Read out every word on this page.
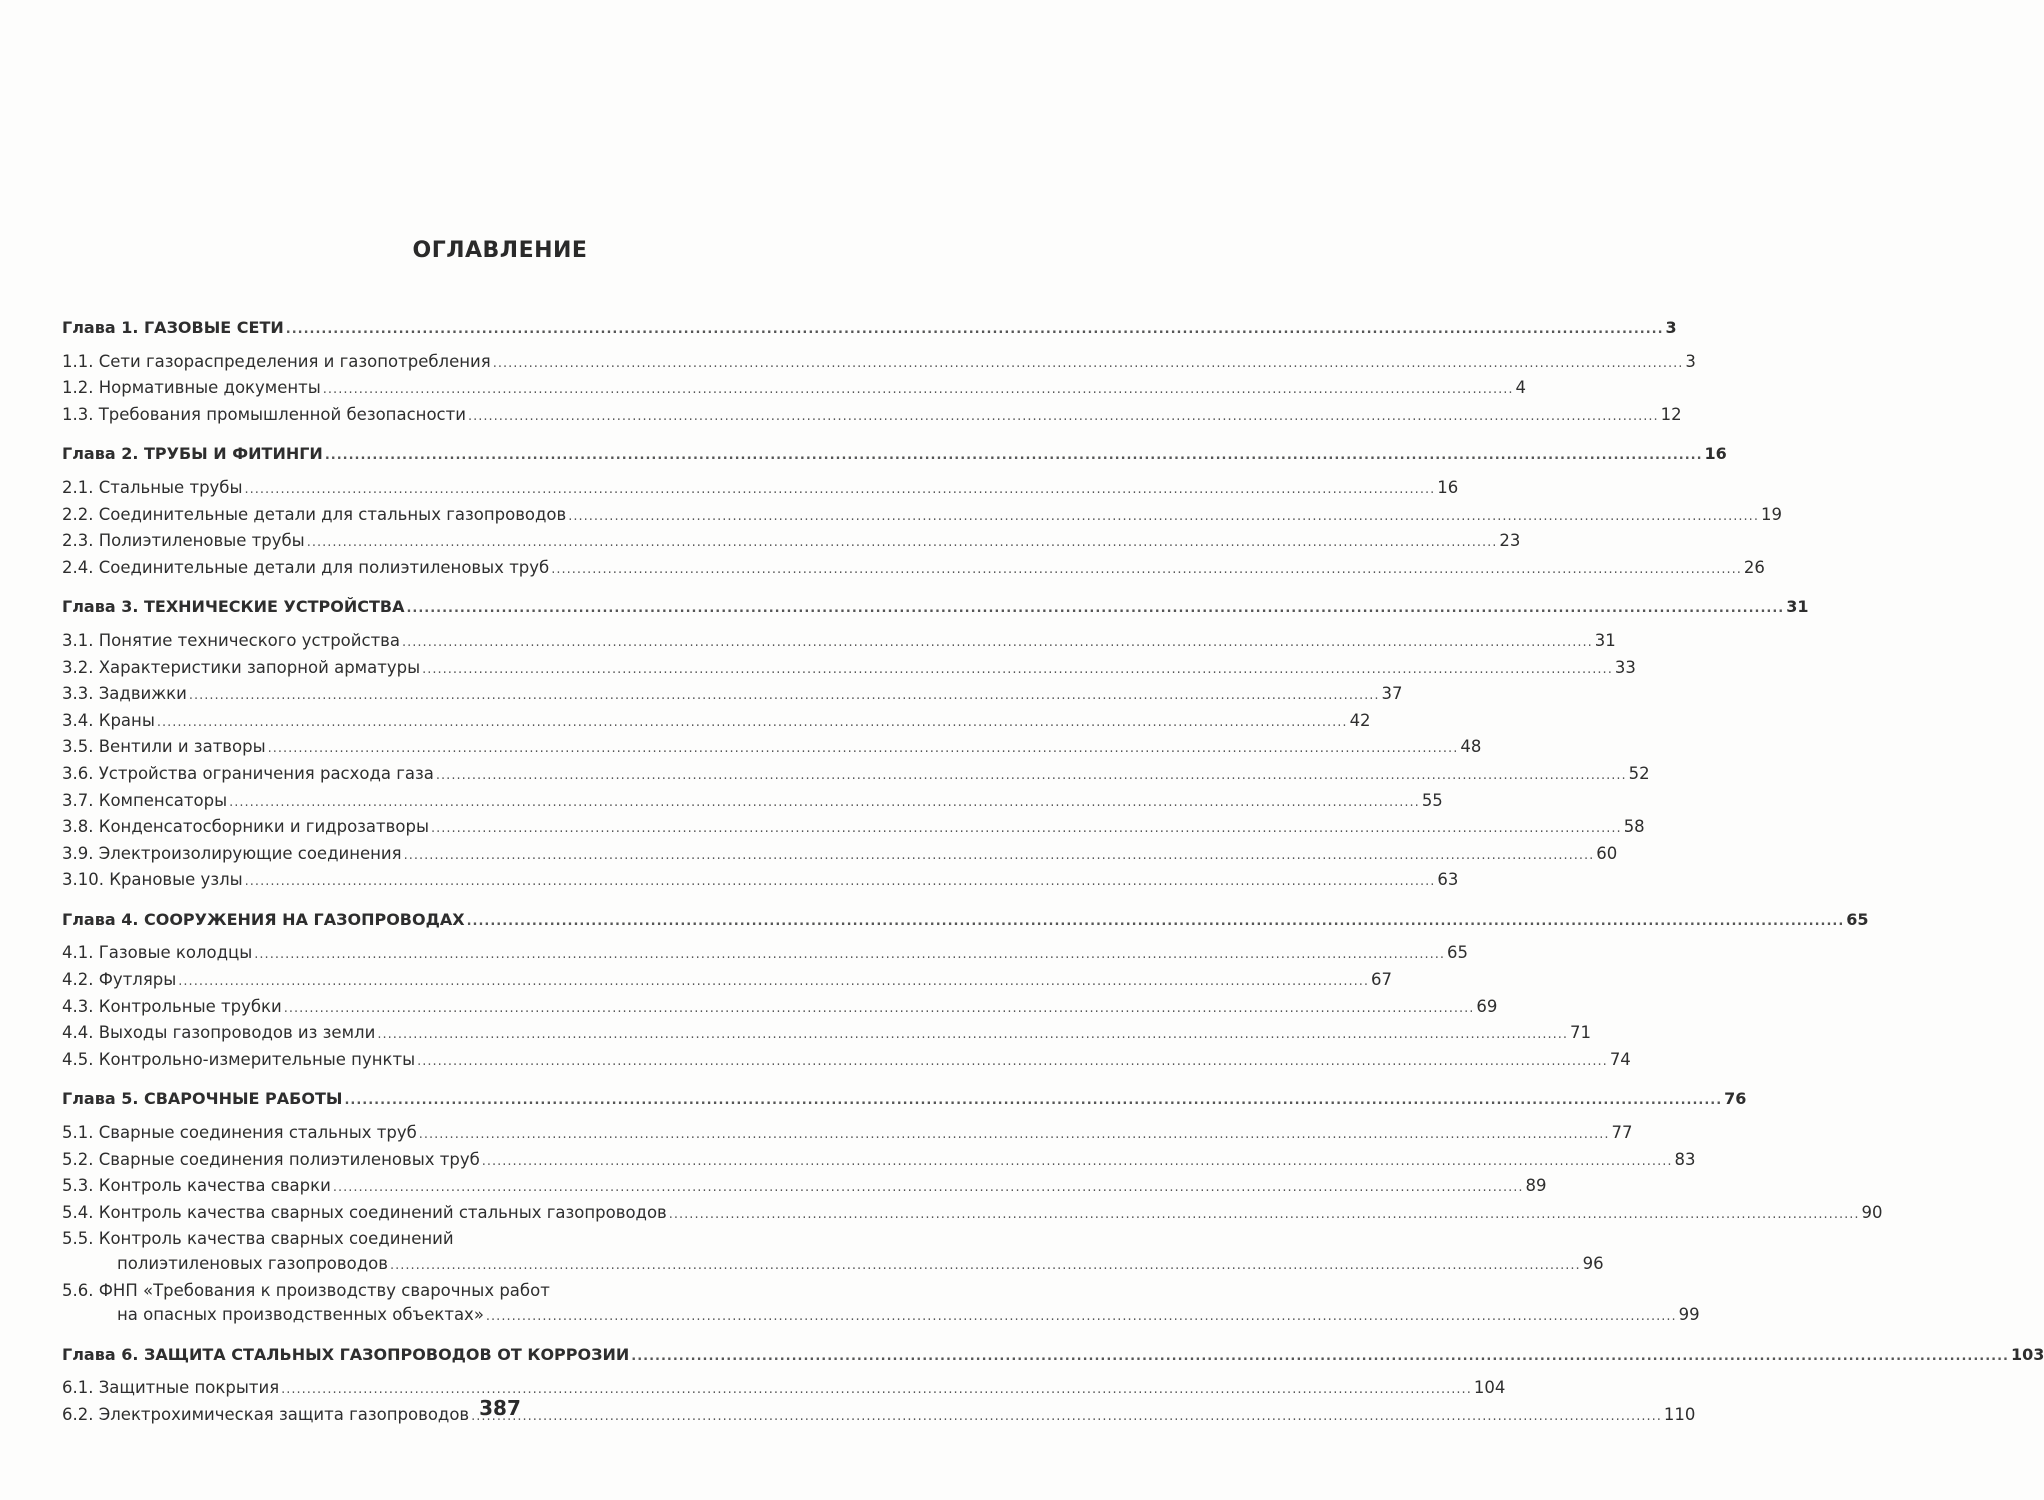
ОГЛАВЛЕНИЕ
Глава 1. ГАЗОВЫЕ СЕТИ .....	3
1.1. Сети газораспределения и газопотребления .....	3
1.2. Нормативные документы .....	4
1.3. Требования промышленной безопасности .....	12
Глава 2. ТРУБЫ И ФИТИНГИ .....	16
2.1. Стальные трубы .....	16
2.2. Соединительные детали для стальных газопроводов .....	19
2.3. Полиэтиленовые трубы .....	23
2.4. Соединительные детали для полиэтиленовых труб .....	26
Глава 3. ТЕХНИЧЕСКИЕ УСТРОЙСТВА .....	31
3.1. Понятие технического устройства .....	31
3.2. Характеристики запорной арматуры .....	33
3.3. Задвижки .....	37
3.4. Краны .....	42
3.5. Вентили и затворы .....	48
3.6. Устройства ограничения расхода газа .....	52
3.7. Компенсаторы .....	55
3.8. Конденсатосборники и гидрозатворы .....	58
3.9. Электроизолирующие соединения .....	60
3.10. Крановые узлы .....	63
Глава 4. СООРУЖЕНИЯ НА ГАЗОПРОВОДАХ .....	65
4.1. Газовые колодцы .....	65
4.2. Футляры .....	67
4.3. Контрольные трубки .....	69
4.4. Выходы газопроводов из земли .....	71
4.5. Контрольно-измерительные пункты .....	74
Глава 5. СВАРОЧНЫЕ РАБОТЫ .....	76
5.1. Сварные соединения стальных труб .....	77
5.2. Сварные соединения полиэтиленовых труб .....	83
5.3. Контроль качества сварки .....	89
5.4. Контроль качества сварных соединений стальных газопроводов .....	90
5.5. Контроль качества сварных соединений
полиэтиленовых газопроводов .....	96
5.6. ФНП «Требования к производству сварочных работ
на опасных производственных объектах» .....	99
Глава 6. ЗАЩИТА СТАЛЬНЫХ ГАЗОПРОВОДОВ ОТ КОРРОЗИИ .....	103
6.1. Защитные покрытия .....	104
6.2. Электрохимическая защита газопроводов .....	110
387
